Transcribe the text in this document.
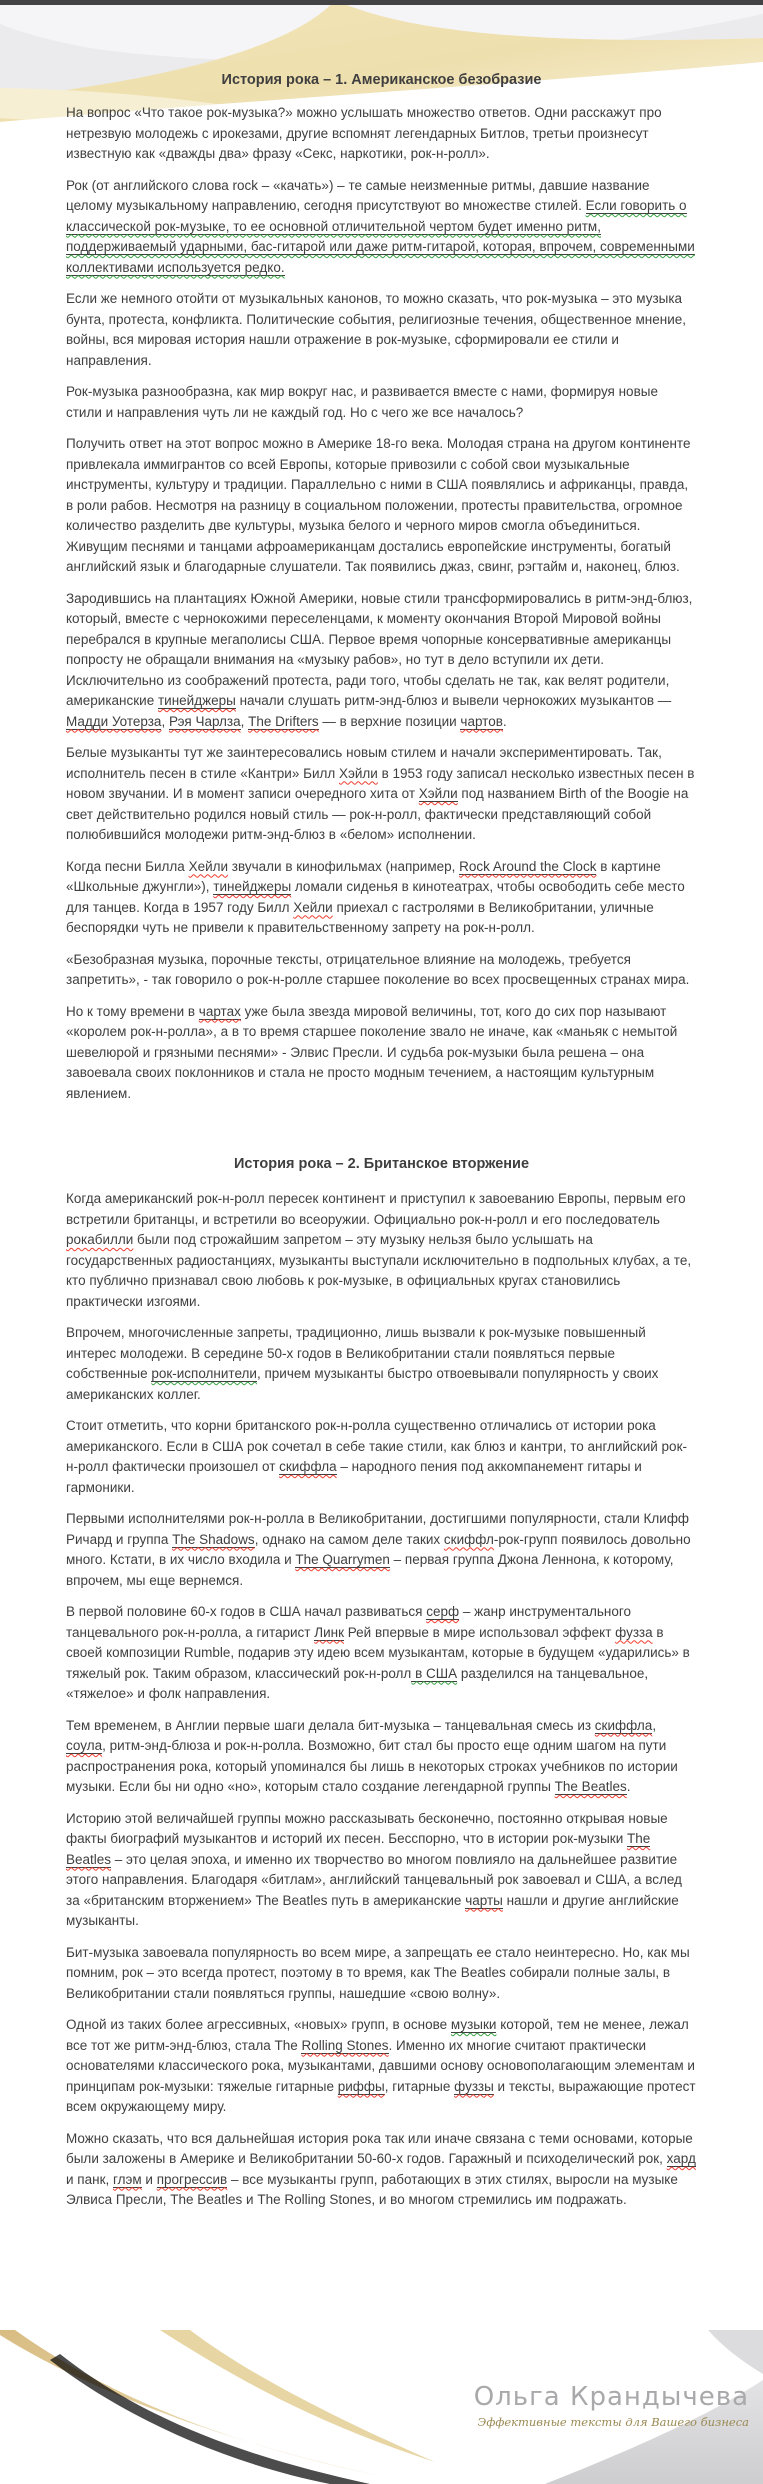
История рока – 1. Американское безобразие

На вопрос «Что такое рок-музыка?» можно услышать множество ответов. Одни расскажут про нетрезвую молодежь с ирокезами, другие вспомнят легендарных Битлов, третьи произнесут известную как «дважды два» фразу «Секс, наркотики, рок-н-ролл».

Рок (от английского слова rock – «качать») – те самые неизменные ритмы, давшие название целому музыкальному направлению, сегодня присутствуют во множестве стилей. Если говорить о классической рок-музыке, то ее основной отличительной чертом будет именно ритм, поддерживаемый ударными, бас-гитарой или даже ритм-гитарой, которая, впрочем, современными коллективами используется редко.

Если же немного отойти от музыкальных канонов, то можно сказать, что рок-музыка – это музыка бунта, протеста, конфликта. Политические события, религиозные течения, общественное мнение, войны, вся мировая история нашли отражение в рок-музыке, сформировали ее стили и направления.

Рок-музыка разнообразна, как мир вокруг нас, и развивается вместе с нами, формируя новые стили и направления чуть ли не каждый год. Но с чего же все началось?

Получить ответ на этот вопрос можно в Америке 18-го века. Молодая страна на другом континенте привлекала иммигрантов со всей Европы, которые привозили с собой свои музыкальные инструменты, культуру и традиции. Параллельно с ними в США появлялись и африканцы, правда, в роли рабов. Несмотря на разницу в социальном положении, протесты правительства, огромное количество разделить две культуры, музыка белого и черного миров смогла объединиться. Живущим песнями и танцами афроамериканцам достались европейские инструменты, богатый английский язык и благодарные слушатели. Так появились джаз, свинг, рэгтайм и, наконец, блюз.

Зародившись на плантациях Южной Америки, новые стили трансформировались в ритм-энд-блюз, который, вместе с чернокожими переселенцами, к моменту окончания Второй Мировой войны перебрался в крупные мегаполисы США. Первое время чопорные консервативные американцы попросту не обращали внимания на «музыку рабов», но тут в дело вступили их дети. Исключительно из соображений протеста, ради того, чтобы сделать не так, как велят родители, американские тинейджеры начали слушать ритм-энд-блюз и вывели чернокожих музыкантов — Мадди Уотерза, Рэя Чарлза, The Drifters — в верхние позиции чартов.

Белые музыканты тут же заинтересовались новым стилем и начали экспериментировать. Так, исполнитель песен в стиле «Кантри» Билл Хэйли в 1953 году записал несколько известных песен в новом звучании. И в момент записи очередного хита от Хэйли под названием Birth of the Boogie на свет действительно родился новый стиль — рок-н-ролл, фактически представляющий собой полюбившийся молодежи ритм-энд-блюз в «белом» исполнении.

Когда песни Билла Хейли звучали в кинофильмах (например, Rock Around the Clock в картине «Школьные джунгли»), тинейджеры ломали сиденья в кинотеатрах, чтобы освободить себе место для танцев. Когда в 1957 году Билл Хейли приехал с гастролями в Великобритании, уличные беспорядки чуть не привели к правительственному запрету на рок-н-ролл.

«Безобразная музыка, порочные тексты, отрицательное влияние на молодежь, требуется запретить», - так говорило о рок-н-ролле старшее поколение во всех просвещенных странах мира.

Но к тому времени в чартах уже была звезда мировой величины, тот, кого до сих пор называют «королем рок-н-ролла», а в то время старшее поколение звало не иначе, как «маньяк с немытой шевелюрой и грязными песнями» - Элвис Пресли. И судьба рок-музыки была решена – она завоевала своих поклонников и стала не просто модным течением, а настоящим культурным явлением.

История рока – 2. Британское вторжение

Когда американский рок-н-ролл пересек континент и приступил к завоеванию Европы, первым его встретили британцы, и встретили во всеоружии. Официально рок-н-ролл и его последователь рокабилли были под строжайшим запретом – эту музыку нельзя было услышать на государственных радиостанциях, музыканты выступали исключительно в подпольных клубах, а те, кто публично признавал свою любовь к рок-музыке, в официальных кругах становились практически изгоями.

Впрочем, многочисленные запреты, традиционно, лишь вызвали к рок-музыке повышенный интерес молодежи. В середине 50-х годов в Великобритании стали появляться первые собственные рок-исполнители, причем музыканты быстро отвоевывали популярность у своих американских коллег.

Стоит отметить, что корни британского рок-н-ролла существенно отличались от истории рока американского. Если в США рок сочетал в себе такие стили, как блюз и кантри, то английский рок-н-ролл фактически произошел от скиффла – народного пения под аккомпанемент гитары и гармоники.

Первыми исполнителями рок-н-ролла в Великобритании, достигшими популярности, стали Клифф Ричард и группа The Shadows, однако на самом деле таких скиффл-рок-групп появилось довольно много. Кстати, в их число входила и The Quarrymen – первая группа Джона Леннона, к которому, впрочем, мы еще вернемся.

В первой половине 60-х годов в США начал развиваться серф – жанр инструментального танцевального рок-н-ролла, а гитарист Линк Рей впервые в мире использовал эффект фузза в своей композиции Rumble, подарив эту идею всем музыкантам, которые в будущем «ударились» в тяжелый рок. Таким образом, классический рок-н-ролл в США разделился на танцевальное, «тяжелое» и фолк направления.

Тем временем, в Англии первые шаги делала бит-музыка – танцевальная смесь из скиффла, соула, ритм-энд-блюза и рок-н-ролла. Возможно, бит стал бы просто еще одним шагом на пути распространения рока, который упоминался бы лишь в некоторых строках учебников по истории музыки. Если бы ни одно «но», которым стало создание легендарной группы The Beatles.

Историю этой величайшей группы можно рассказывать бесконечно, постоянно открывая новые факты биографий музыкантов и историй их песен. Бесспорно, что в истории рок-музыки The Beatles – это целая эпоха, и именно их творчество во многом повлияло на дальнейшее развитие этого направления. Благодаря «битлам», английский танцевальный рок завоевал и США, а вслед за «британским вторжением» The Beatles путь в американские чарты нашли и другие английские музыканты.

Бит-музыка завоевала популярность во всем мире, а запрещать ее стало неинтересно. Но, как мы помним, рок – это всегда протест, поэтому в то время, как The Beatles собирали полные залы, в Великобритании стали появляться группы, нашедшие «свою волну».

Одной из таких более агрессивных, «новых» групп, в основе музыки которой, тем не менее, лежал все тот же ритм-энд-блюз, стала The Rolling Stones. Именно их многие считают практически основателями классического рока, музыкантами, давшими основу основополагающим элементам и принципам рок-музыки: тяжелые гитарные риффы, гитарные фуззы и тексты, выражающие протест всем окружающему миру.

Можно сказать, что вся дальнейшая история рока так или иначе связана с теми основами, которые были заложены в Америке и Великобритании 50-60-х годов. Гаражный и психоделический рок, хард и панк, глэм и прогрессив – все музыканты групп, работающих в этих стилях, выросли на музыке Элвиса Пресли, The Beatles и The Rolling Stones, и во многом стремились им подражать.

Ольга Крандычева
Эффективные тексты для Вашего бизнеса
